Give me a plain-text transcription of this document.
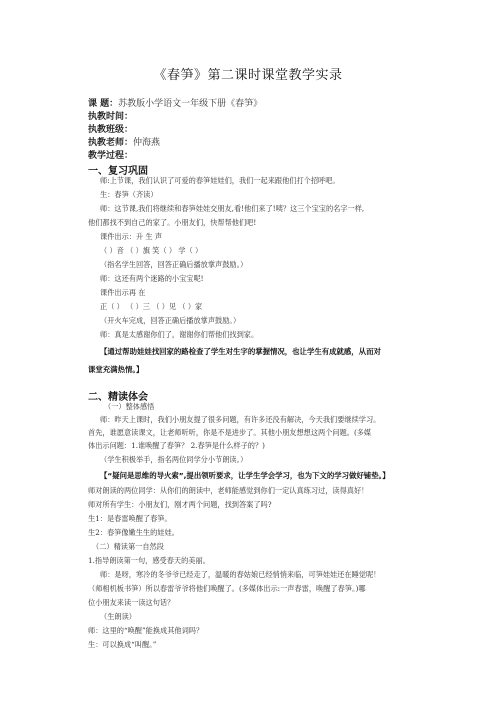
《春笋》第二课时课堂教学实录
课 题：苏教版小学语文一年级下册《春笋》
执教时间：
执教班级：
执教老师：仲海燕
教学过程：
一、复习巩固
师:上节课，我们认识了可爱的春笋娃娃们，我们一起来跟他们打个招呼吧。
生：春笋（齐读）
师：这节课,我们将继续和春笋娃娃交朋友,看!他们来了!咦？这三个宝宝的名字一样,
他们都找不到自己的家了。小朋友们，快帮帮他们吧!
课件出示：升 生 声
（ ）音 （ ）旗 笑（ ） 学（ ）
（指名学生回答，回答正确后播放掌声鼓励。）
师：这还有两个迷路的小宝宝呢!
课件出示再 在
正（ ） （ ）三 （ ）见 （ ）家
（开火车完成，回答正确后播放掌声鼓励。）
师：真是太感谢你们了，谢谢你们帮他们找到家。
【通过帮助娃娃找回家的路检查了学生对生字的掌握情况，也让学生有成就感，从而对
课堂充满热情。】
二、精读体会
（一）整体感悟
师：昨天上课时，我们小朋友提了很多问题，有许多还没有解决，今天我们要继续学习。
首先，谁愿意读课文，让老师听听，你是不是进步了。其他小朋友想想这两个问题。(多媒
体出示问题：1.谁唤醒了春笋？ 2.春笋是什么样子的？)
（学生积极举手，指名两位同学分小节朗读。）
【“疑问是思维的导火索”,提出领听要求，让学生学会学习，也为下文的学习做好铺垫。】
师对朗读的两位同学：从你们的朗读中，老师能感觉到你们一定认真练习过，读得真好！
师对所有学生：小朋友们，刚才两个问题，找到答案了吗?
生1：是春雷唤醒了春笋。
生2：春笋像嫩生生的娃娃。
（二）精读第一自然段
1.指导朗读第一句，感受春天的美丽。
师：是呀，寒冷的冬爷爷已经走了，温暖的春姑娘已经悄悄来临，可笋娃娃还在睡觉呢！
（师相机板书笋）所以春雷爷爷将他们唤醒了。(多媒体出示:一声春雷，唤醒了春笋。)哪
位小朋友来读一读这句话？
（生朗读）
师：这里的“唤醒”能换成其他词吗？
生：可以换成“叫醒。”
